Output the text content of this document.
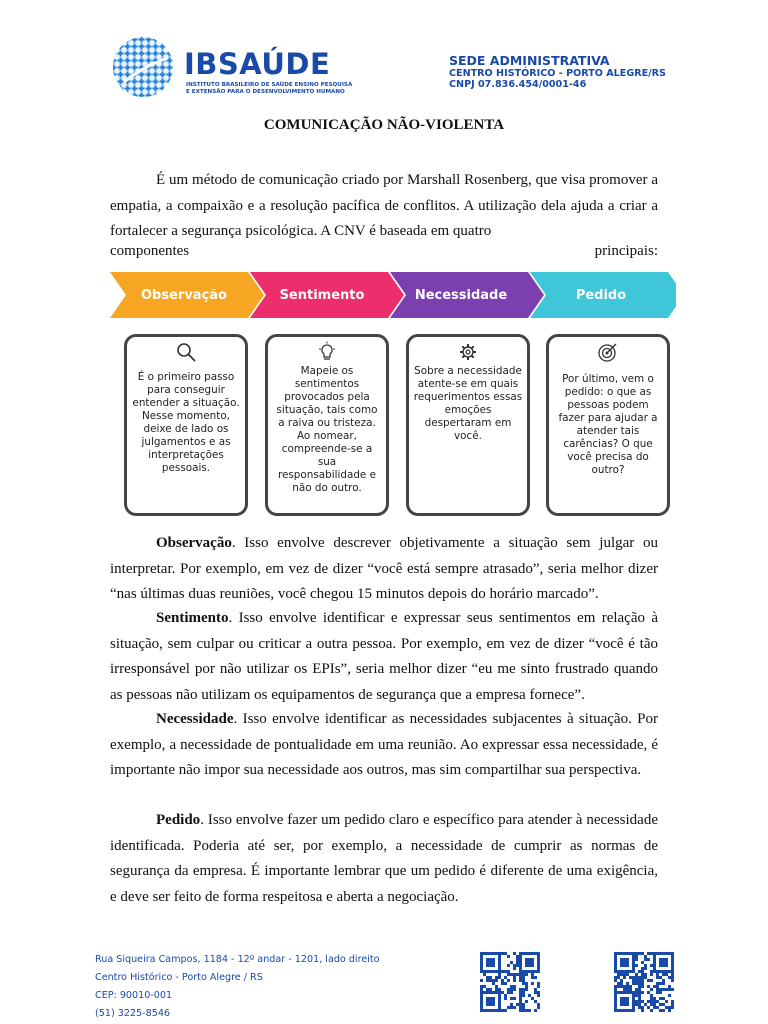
IBSAÚDE
INSTITUTO BRASILEIRO DE SAÚDE ENSINO PESQUISA E EXTENSÃO PARA O DESENVOLVIMENTO HUMANO
SEDE ADMINISTRATIVA
CENTRO HISTÓRICO - PORTO ALEGRE/RS
CNPJ 07.836.454/0001-46
COMUNICAÇÃO NÃO-VIOLENTA
É um método de comunicação criado por Marshall Rosenberg, que visa promover a empatia, a compaixão e a resolução pacífica de conflitos. A utilização dela ajuda a criar a fortalecer a segurança psicológica. A CNV é baseada em quatro
componentes	principais:
Observação	Sentimento	Necessidade	Pedido
É o primeiro passo para conseguir entender a situação. Nesse momento, deixe de lado os julgamentos e as interpretações pessoais.
Mapeie os sentimentos provocados pela situação, tais como a raiva ou tristeza. Ao nomear, compreende-se a sua responsabilidade e não do outro.
Sobre a necessidade atente-se em quais requerimentos essas emoções despertaram em você.
Por último, vem o pedido: o que as pessoas podem fazer para ajudar a atender tais carências? O que você precisa do outro?
Observação. Isso envolve descrever objetivamente a situação sem julgar ou interpretar. Por exemplo, em vez de dizer “você está sempre atrasado”, seria melhor dizer “nas últimas duas reuniões, você chegou 15 minutos depois do horário marcado”.
Sentimento. Isso envolve identificar e expressar seus sentimentos em relação à situação, sem culpar ou criticar a outra pessoa. Por exemplo, em vez de dizer “você é tão irresponsável por não utilizar os EPIs”, seria melhor dizer “eu me sinto frustrado quando as pessoas não utilizam os equipamentos de segurança que a empresa fornece”.
Necessidade. Isso envolve identificar as necessidades subjacentes à situação. Por exemplo, a necessidade de pontualidade em uma reunião. Ao expressar essa necessidade, é importante não impor sua necessidade aos outros, mas sim compartilhar sua perspectiva.
Pedido. Isso envolve fazer um pedido claro e específico para atender à necessidade identificada. Poderia até ser, por exemplo, a necessidade de cumprir as normas de segurança da empresa. É importante lembrar que um pedido é diferente de uma exigência, e deve ser feito de forma respeitosa e aberta a negociação.
Rua Siqueira Campos, 1184 - 12º andar - 1201, lado direito
Centro Histórico - Porto Alegre / RS
CEP: 90010-001
(51) 3225-8546
